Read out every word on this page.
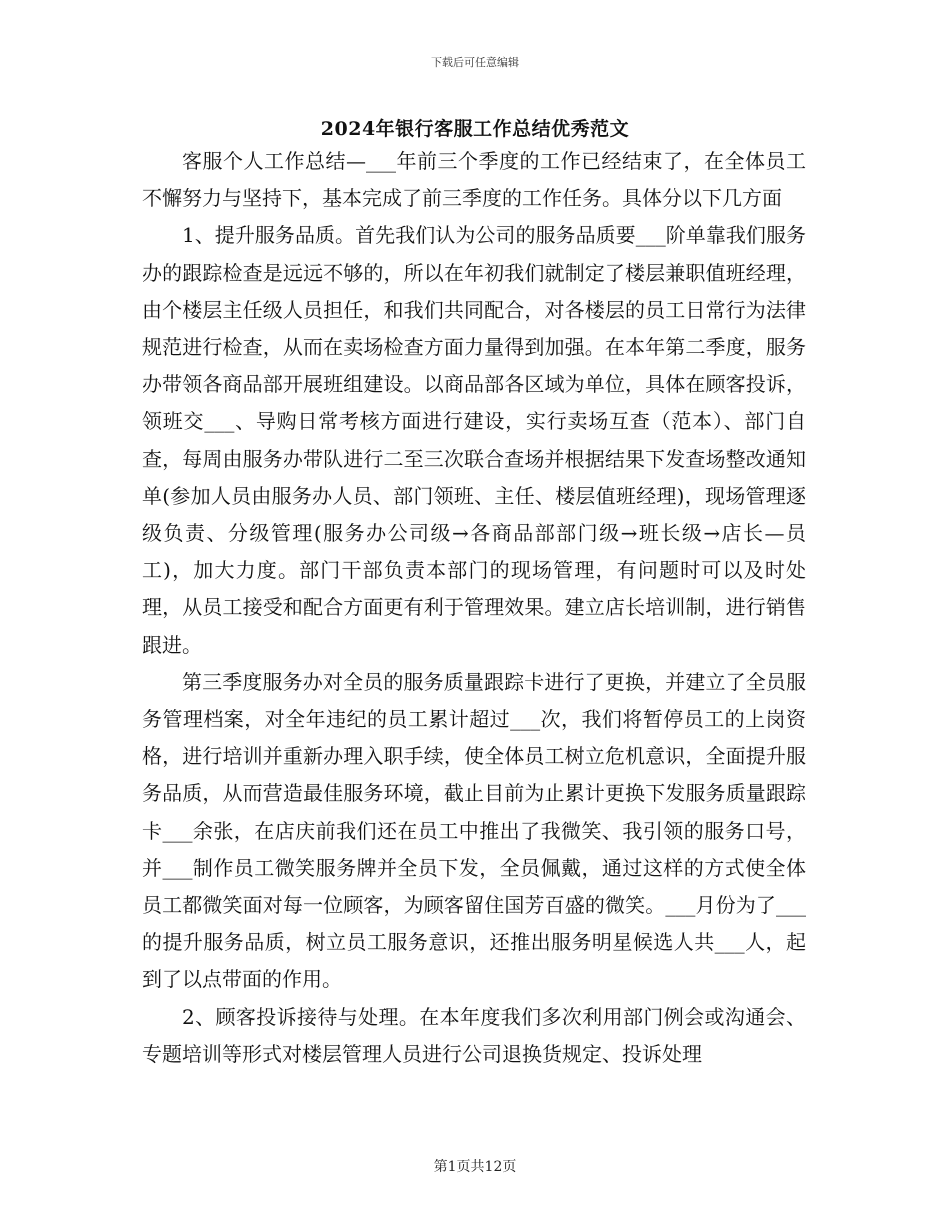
下载后可任意编辑
2024年银行客服工作总结优秀范文

客服个人工作总结—___年前三个季度的工作已经结束了，在全体员工不懈努力与坚持下，基本完成了前三季度的工作任务。具体分以下几方面

1、提升服务品质。首先我们认为公司的服务品质要___阶单靠我们服务办的跟踪检查是远远不够的，所以在年初我们就制定了楼层兼职值班经理，由个楼层主任级人员担任，和我们共同配合，对各楼层的员工日常行为法律规范进行检查，从而在卖场检查方面力量得到加强。在本年第二季度，服务办带领各商品部开展班组建设。以商品部各区域为单位，具体在顾客投诉，领班交___、导购日常考核方面进行建设，实行卖场互查（范本）、部门自查，每周由服务办带队进行二至三次联合查场并根据结果下发查场整改通知单(参加人员由服务办人员、部门领班、主任、楼层值班经理)，现场管理逐级负责、分级管理(服务办公司级→各商品部部门级→班长级→店长—员工)，加大力度。部门干部负责本部门的现场管理，有问题时可以及时处理，从员工接受和配合方面更有利于管理效果。建立店长培训制，进行销售跟进。

第三季度服务办对全员的服务质量跟踪卡进行了更换，并建立了全员服务管理档案，对全年违纪的员工累计超过___次，我们将暂停员工的上岗资格，进行培训并重新办理入职手续，使全体员工树立危机意识，全面提升服务品质，从而营造最佳服务环境，截止目前为止累计更换下发服务质量跟踪卡___余张，在店庆前我们还在员工中推出了我微笑、我引领的服务口号，并___制作员工微笑服务牌并全员下发，全员佩戴，通过这样的方式使全体员工都微笑面对每一位顾客，为顾客留住国芳百盛的微笑。___月份为了___的提升服务品质，树立员工服务意识，还推出服务明星候选人共___人，起到了以点带面的作用。

2、顾客投诉接待与处理。在本年度我们多次利用部门例会或沟通会、专题培训等形式对楼层管理人员进行公司退换货规定、投诉处理

第1页共12页
